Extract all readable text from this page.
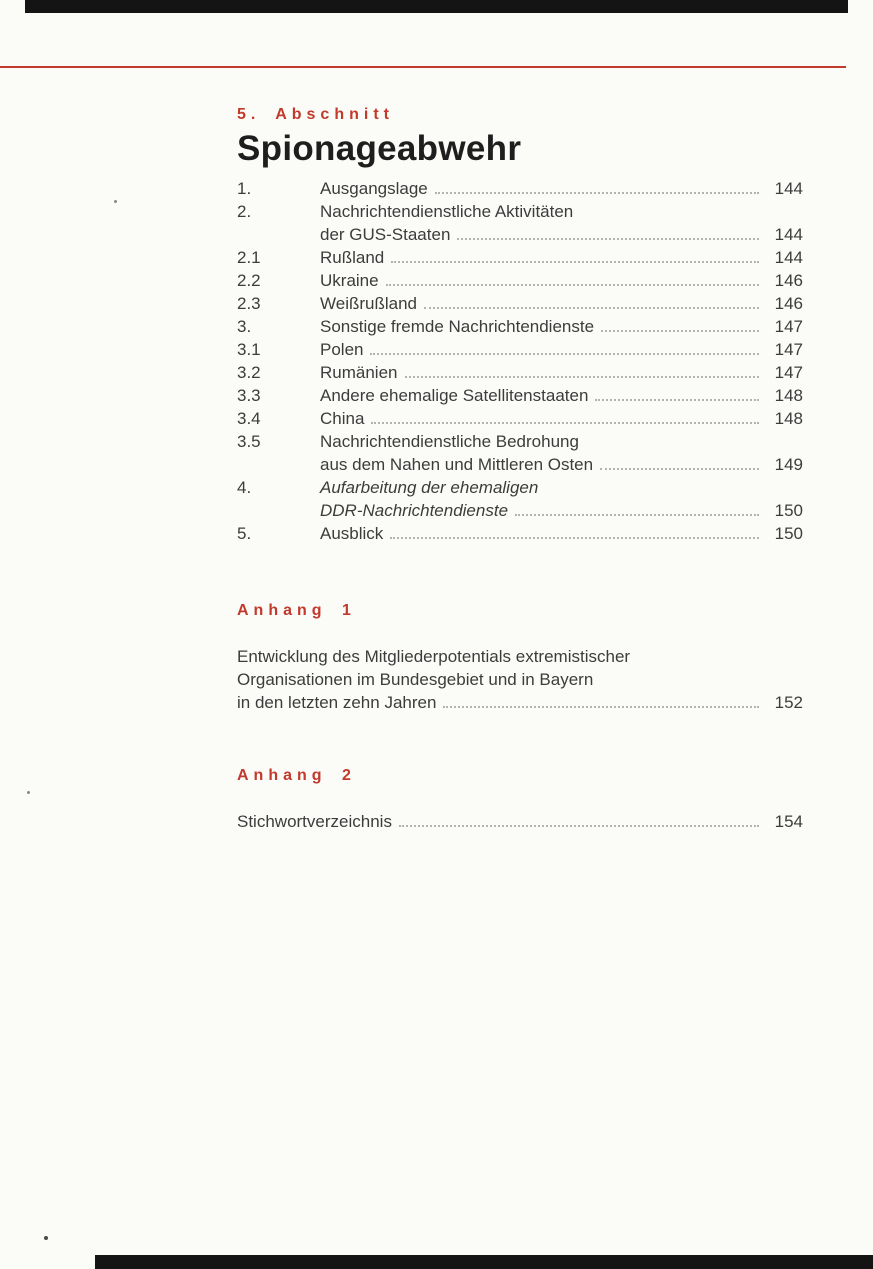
5. Abschnitt
Spionageabwehr
1.	Ausgangslage	144
2.	Nachrichtendienstliche Aktivitäten
der GUS-Staaten	144
2.1	Rußland	144
2.2	Ukraine	146
2.3	Weißrußland	146
3.	Sonstige fremde Nachrichtendienste	147
3.1	Polen	147
3.2	Rumänien	147
3.3	Andere ehemalige Satellitenstaaten	148
3.4	China	148
3.5	Nachrichtendienstliche Bedrohung
aus dem Nahen und Mittleren Osten	149
4.	Aufarbeitung der ehemaligen
DDR-Nachrichtendienste	150
5.	Ausblick	150
Anhang 1
Entwicklung des Mitgliederpotentials extremistischer
Organisationen im Bundesgebiet und in Bayern
in den letzten zehn Jahren	152
Anhang 2
Stichwortverzeichnis	154
